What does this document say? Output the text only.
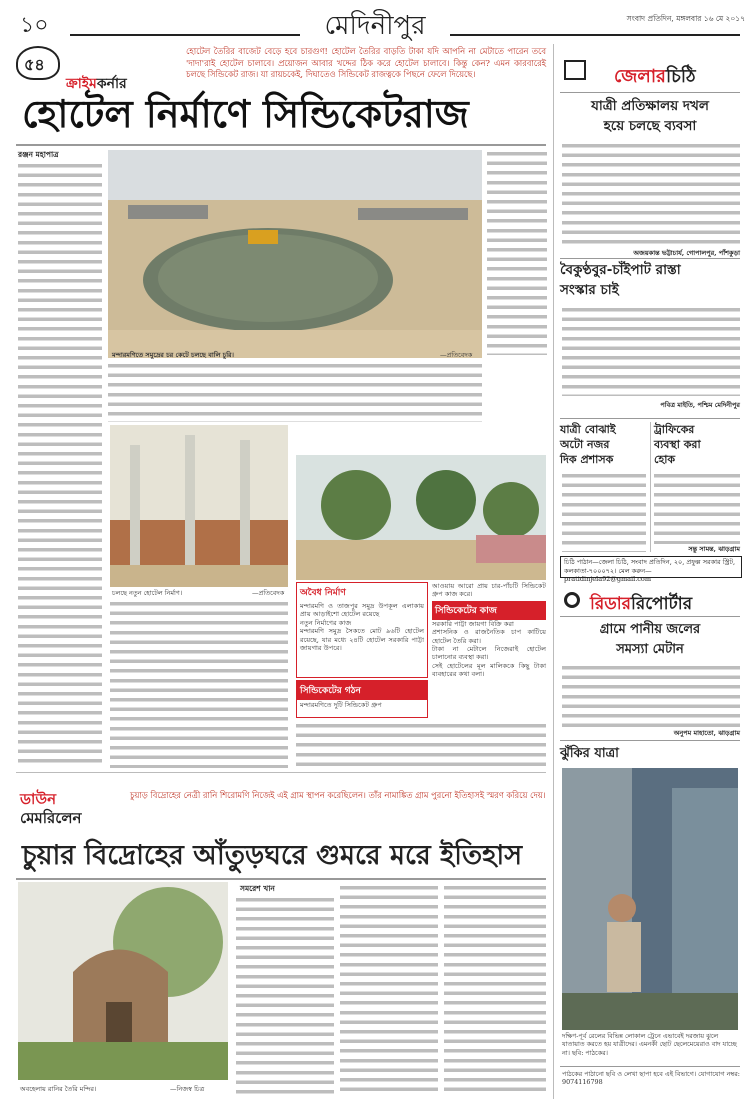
১০	মেদিনীপুর	সংবাদ প্রতিদিন, মঙ্গলবার ১৬ মে ২০১৭
৫৪
ক্রাইমকর্নার
হোটেল তৈরির বাজেট বেড়ে হবে চারগুণ! হোটেল তৈরির বাড়তি টাকা যদি আপনি না মেটাতে পারেন তবে 'দাদা'রাই হোটেল চালাবে। প্রয়োজন আবার খদ্দের ঠিক করে হোটেল চালাবে। কিন্তু কেন? এমন কারবারেই চলছে সিন্ডিকেট রাজ। যা রায়চকেই, দিঘাতেও সিন্ডিকেট রাজত্বকে পিছনে ফেলে দিয়েছে।
হোটেল নির্মাণে সিন্ডিকেটরাজ
রঞ্জন মহাপাত্র
মন্দারমণিতে সমুদ্রের চর কেটে চলছে বালি চুরি।	—প্রতিবেদক
চলছে নতুন হোটেল নির্মাণ।	—প্রতিবেদক	অবৈধ নির্মাণ
মন্দারমণি ও তাজপুর সমুদ্র উপকূল এলাকায় প্রায় আড়াইশো হোটেল রয়েছে
নতুন নির্মাণের কাজ
মন্দারমণি সমুদ্র সৈকতে মোট ৯৬টি হোটেল রয়েছে, যার মধ্যে ২৪টি হোটেল সরকারি পাট্টা জায়গার উপরে।
সিন্ডিকেটের গঠন
মন্দারমণিতে দুটি সিন্ডিকেট গ্রুপ
আওয়ায় আরো প্রায় চার-পাঁচটি সিন্ডিকেট গ্রুপ কাজ করে।
সিন্ডিকেটের কাজ
সরকারি পাট্টা জায়গা বিক্রি করা
প্রশাসনিক ও রাজনৈতিক চাপ কাটিয়ে হোটেল তৈরি করা।
টাকা না মেটালে নিজেরাই হোটেল চালানোর ব্যবস্থা করা।
সেই হোটেলের মূল মালিককে কিছু টাকা ব্যবহারের কথা বলা।
ডাউন
মেমরিলেন
চুয়াড় বিদ্রোহের নেত্রী রানি শিরোমণি নিজেই এই গ্রাম স্থাপন করেছিলেন। তাঁর নামাঙ্কিত গ্রাম পুরনো ইতিহাসই স্মরণ করিয়ে দেয়।
চুয়ার বিদ্রোহের আঁতুড়ঘরে গুমরে মরে ইতিহাস
অবহেলায় রানির তৈরি মন্দির।	—নিজস্ব চিত্র
সমরেশ খান
জেলারচিঠি
যাত্রী প্রতিক্ষালয় দখল
হয়ে চলছে ব্যবসা
অজয়কান্ত ভট্টাচার্য, গোপালপুর, পাঁশকুড়া
বৈকুণ্ঠবুর-চাঁইপাট রাস্তা
সংস্কার চাই
পবিত্র মাইতি, পশ্চিম মেদিনীপুর
যাত্রী বোঝাই
অটো নজর
দিক প্রশাসক
ট্রাফিকের
ব্যবস্থা করা
হোক
সন্তু সামন্ত, ঝাড়গ্রাম
চিঠি পাঠান—জেলা চিঠি, সংবাদ প্রতিদিন, ২০, প্রফুল্ল সরকার স্ট্রিট, কলকাতা-৭০০০৭২। মেল করুন— pratidinjela92@gmail.com
রিডাররিপোর্টার
গ্রামে পানীয় জলের
সমস্যা মেটান
অনুপম মাহাতো, ঝাড়গ্রাম
ঝুঁকির যাত্রা
দক্ষিণ-পূর্ব রেলের বিভিন্ন লোকাল ট্রেনে এভাবেই দরজায় ঝুলে যাতায়াত করতে হয় যাত্রীদের। এমনকী ছোট ছেলেমেয়েরাও বাদ যাচ্ছে না। ছবি: পাঠকের।
পাঠকের পাঠানো ছবি ও লেখা ছাপা হবে এই বিভাগে। যোগাযোগ নম্বর: 9074116798
